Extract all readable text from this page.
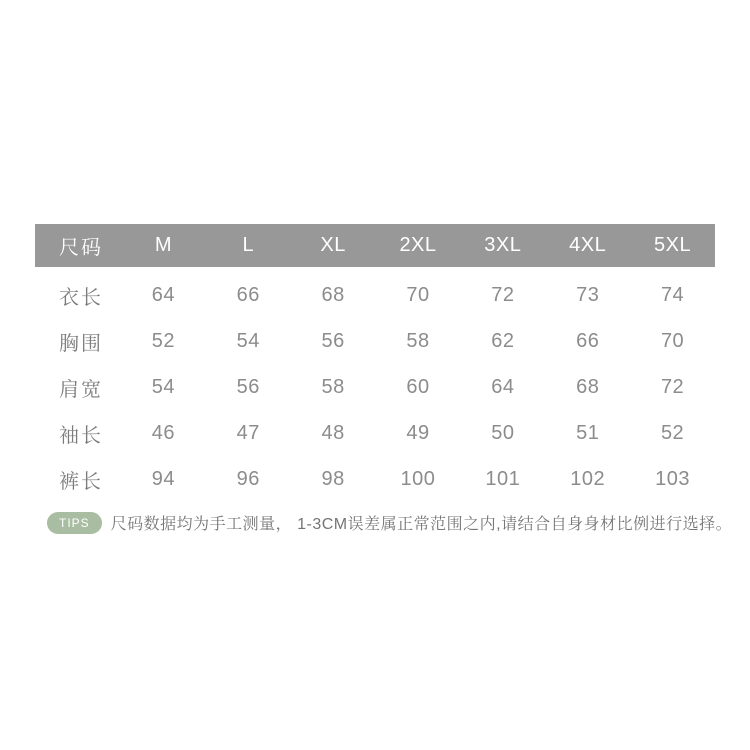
尺码	M	L	XL	2XL	3XL	4XL	5XL
衣长	64	66	68	70	72	73	74
胸围	52	54	56	58	62	66	70
肩宽	54	56	58	60	64	68	72
袖长	46	47	48	49	50	51	52
裤长	94	96	98	100	101	102	103
TIPS	尺码数据均为手工测量， 1-3CM误差属正常范围之内,请结合自身身材比例进行选择。
